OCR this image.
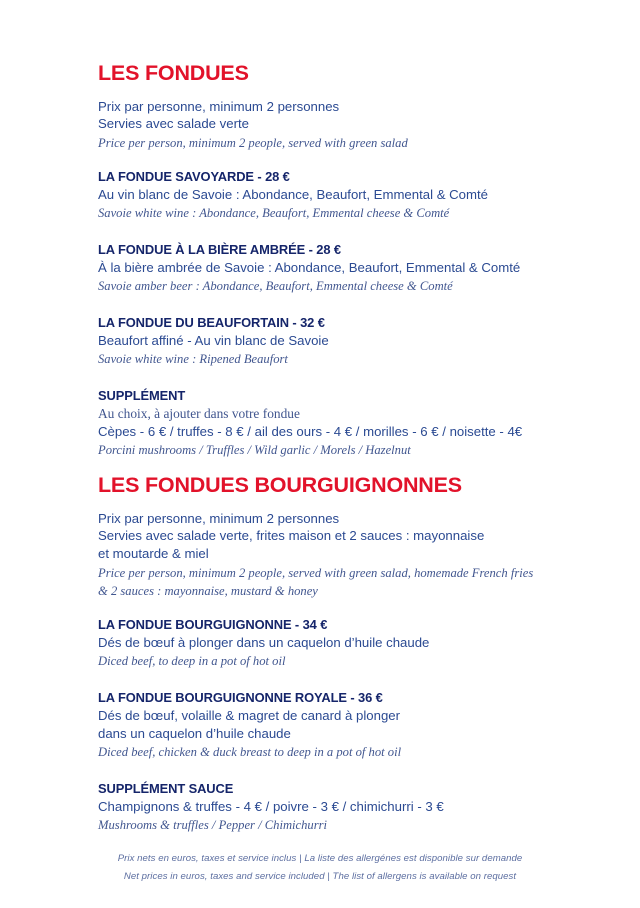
LES FONDUES
Prix par personne, minimum 2 personnes
Servies avec salade verte
Price per person, minimum 2 people, served with green salad
LA FONDUE SAVOYARDE - 28 €
Au vin blanc de Savoie : Abondance, Beaufort, Emmental & Comté
Savoie white wine : Abondance, Beaufort, Emmental cheese & Comté
LA FONDUE À LA BIÈRE AMBRÉE - 28 €
À la bière ambrée de Savoie : Abondance, Beaufort, Emmental & Comté
Savoie amber beer : Abondance, Beaufort, Emmental cheese & Comté
LA FONDUE DU BEAUFORTAIN - 32 €
Beaufort affiné - Au vin blanc de Savoie
Savoie white wine : Ripened Beaufort
SUPPLÉMENT
Au choix, à ajouter dans votre fondue
Cèpes - 6 € / truffes - 8 € / ail des ours - 4 € / morilles - 6 € / noisette - 4€
Porcini mushrooms / Truffles / Wild garlic / Morels / Hazelnut
LES FONDUES BOURGUIGNONNES
Prix par personne, minimum 2 personnes
Servies avec salade verte, frites maison et 2 sauces : mayonnaise
et moutarde & miel
Price per person, minimum 2 people, served with green salad, homemade French fries
& 2 sauces : mayonnaise, mustard & honey
LA FONDUE BOURGUIGNONNE - 34 €
Dés de bœuf à plonger dans un caquelon d’huile chaude
Diced beef, to deep in a pot of hot oil
LA FONDUE BOURGUIGNONNE ROYALE - 36 €
Dés de bœuf, volaille & magret de canard à plonger
dans un caquelon d’huile chaude
Diced beef, chicken & duck breast to deep in a pot of hot oil
SUPPLÉMENT SAUCE
Champignons & truffes - 4 € / poivre - 3 € / chimichurri - 3 €
Mushrooms & truffles / Pepper / Chimichurri
Prix nets en euros, taxes et service inclus | La liste des allergénes est disponible sur demande
Net prices in euros, taxes and service included | The list of allergens is available on request
